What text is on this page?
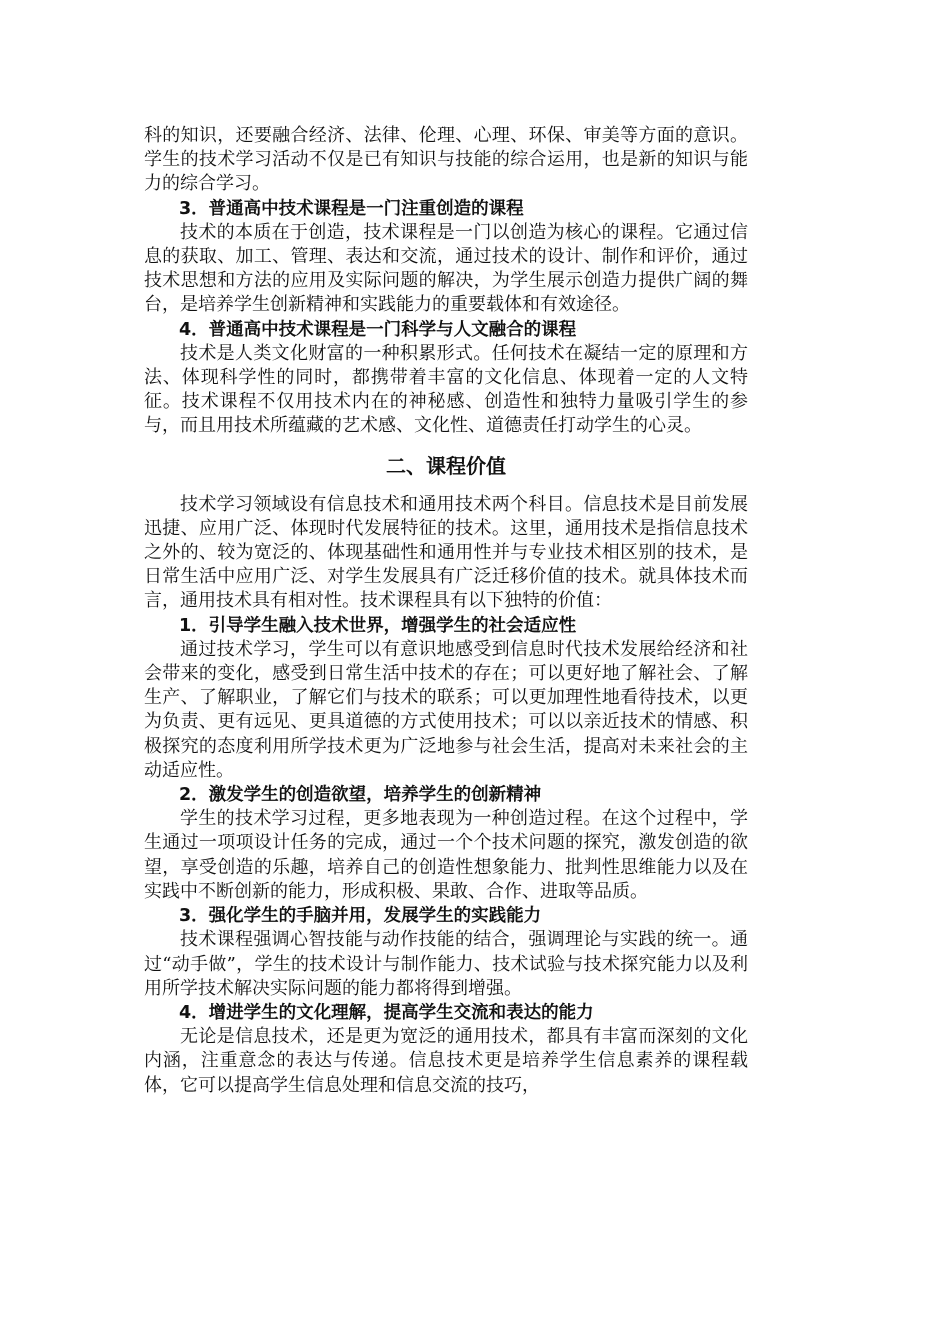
科的知识，还要融合经济、法律、伦理、心理、环保、审美等方面的意识。学生的技术学习活动不仅是已有知识与技能的综合运用，也是新的知识与能力的综合学习。

3．普通高中技术课程是一门注重创造的课程

技术的本质在于创造，技术课程是一门以创造为核心的课程。它通过信息的获取、加工、管理、表达和交流，通过技术的设计、制作和评价，通过技术思想和方法的应用及实际问题的解决，为学生展示创造力提供广阔的舞台，是培养学生创新精神和实践能力的重要载体和有效途径。

4．普通高中技术课程是一门科学与人文融合的课程

技术是人类文化财富的一种积累形式。任何技术在凝结一定的原理和方法、体现科学性的同时，都携带着丰富的文化信息、体现着一定的人文特征。技术课程不仅用技术内在的神秘感、创造性和独特力量吸引学生的参与，而且用技术所蕴藏的艺术感、文化性、道德责任打动学生的心灵。

二、课程价值

技术学习领域设有信息技术和通用技术两个科目。信息技术是目前发展迅捷、应用广泛、体现时代发展特征的技术。这里，通用技术是指信息技术之外的、较为宽泛的、体现基础性和通用性并与专业技术相区别的技术，是日常生活中应用广泛、对学生发展具有广泛迁移价值的技术。就具体技术而言，通用技术具有相对性。技术课程具有以下独特的价值：

1．引导学生融入技术世界，增强学生的社会适应性

通过技术学习，学生可以有意识地感受到信息时代技术发展给经济和社会带来的变化，感受到日常生活中技术的存在；可以更好地了解社会、了解生产、了解职业，了解它们与技术的联系；可以更加理性地看待技术，以更为负责、更有远见、更具道德的方式使用技术；可以以亲近技术的情感、积极探究的态度利用所学技术更为广泛地参与社会生活，提高对未来社会的主动适应性。

2．激发学生的创造欲望，培养学生的创新精神

学生的技术学习过程，更多地表现为一种创造过程。在这个过程中，学生通过一项项设计任务的完成，通过一个个技术问题的探究，激发创造的欲望，享受创造的乐趣，培养自己的创造性想象能力、批判性思维能力以及在实践中不断创新的能力，形成积极、果敢、合作、进取等品质。

3．强化学生的手脑并用，发展学生的实践能力

技术课程强调心智技能与动作技能的结合，强调理论与实践的统一。通过“动手做”，学生的技术设计与制作能力、技术试验与技术探究能力以及利用所学技术解决实际问题的能力都将得到增强。

4．增进学生的文化理解，提高学生交流和表达的能力

无论是信息技术，还是更为宽泛的通用技术，都具有丰富而深刻的文化内涵，注重意念的表达与传递。信息技术更是培养学生信息素养的课程载体，它可以提高学生信息处理和信息交流的技巧，
